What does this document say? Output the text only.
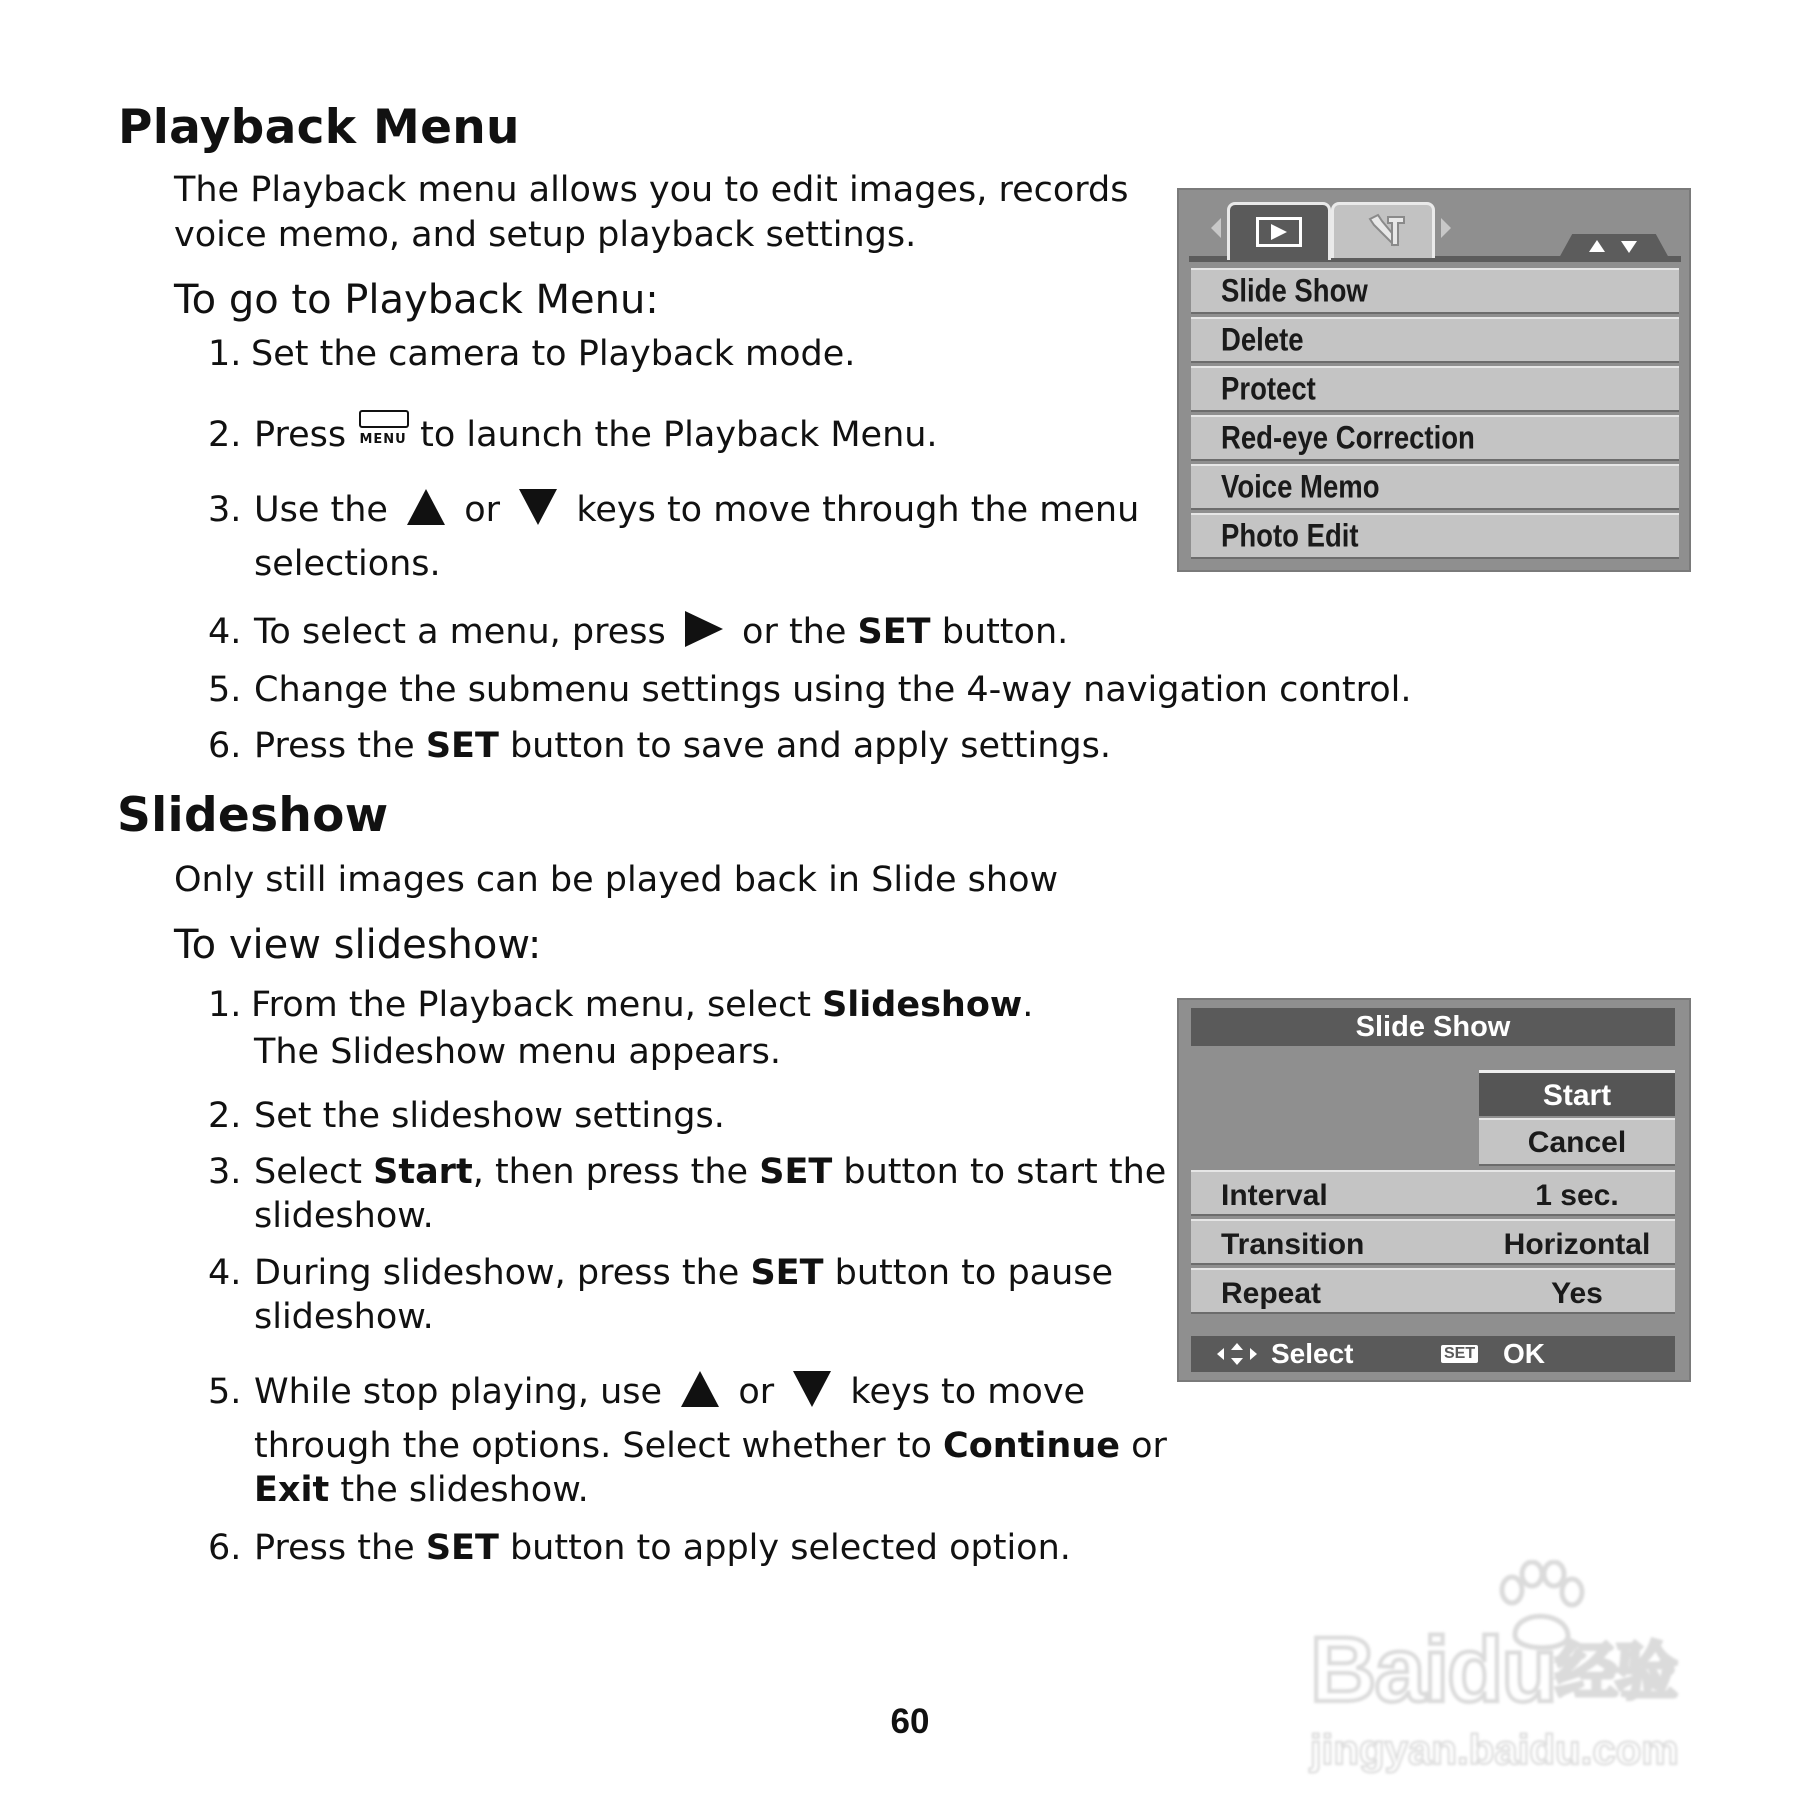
Playback Menu
The Playback menu allows you to edit images, records
voice memo, and setup playback settings.
To go to Playback Menu:
1. Set the camera to Playback mode.
2. Press MENU to launch the Playback Menu.
3. Use the or keys to move through the menu
selections.
4. To select a menu, press or the SET button.
5. Change the submenu settings using the 4-way navigation control.
6. Press the SET button to save and apply settings.
Slide Show
Delete
Protect
Red-eye Correction
Voice Memo
Photo Edit
Slideshow
Only still images can be played back in Slide show
To view slideshow:
1. From the Playback menu, select Slideshow.
The Slideshow menu appears.
2. Set the slideshow settings.
3. Select Start, then press the SET button to start the
slideshow.
4. During slideshow, press the SET button to pause
slideshow.
5. While stop playing, use or keys to move
through the options. Select whether to Continue or
Exit the slideshow.
6. Press the SET button to apply selected option.
Slide Show
Start
Cancel
Interval	1 sec.
Transition	Horizontal
Repeat	Yes
Select	SET OK
60
Baidu经验
jingyan.baidu.com
